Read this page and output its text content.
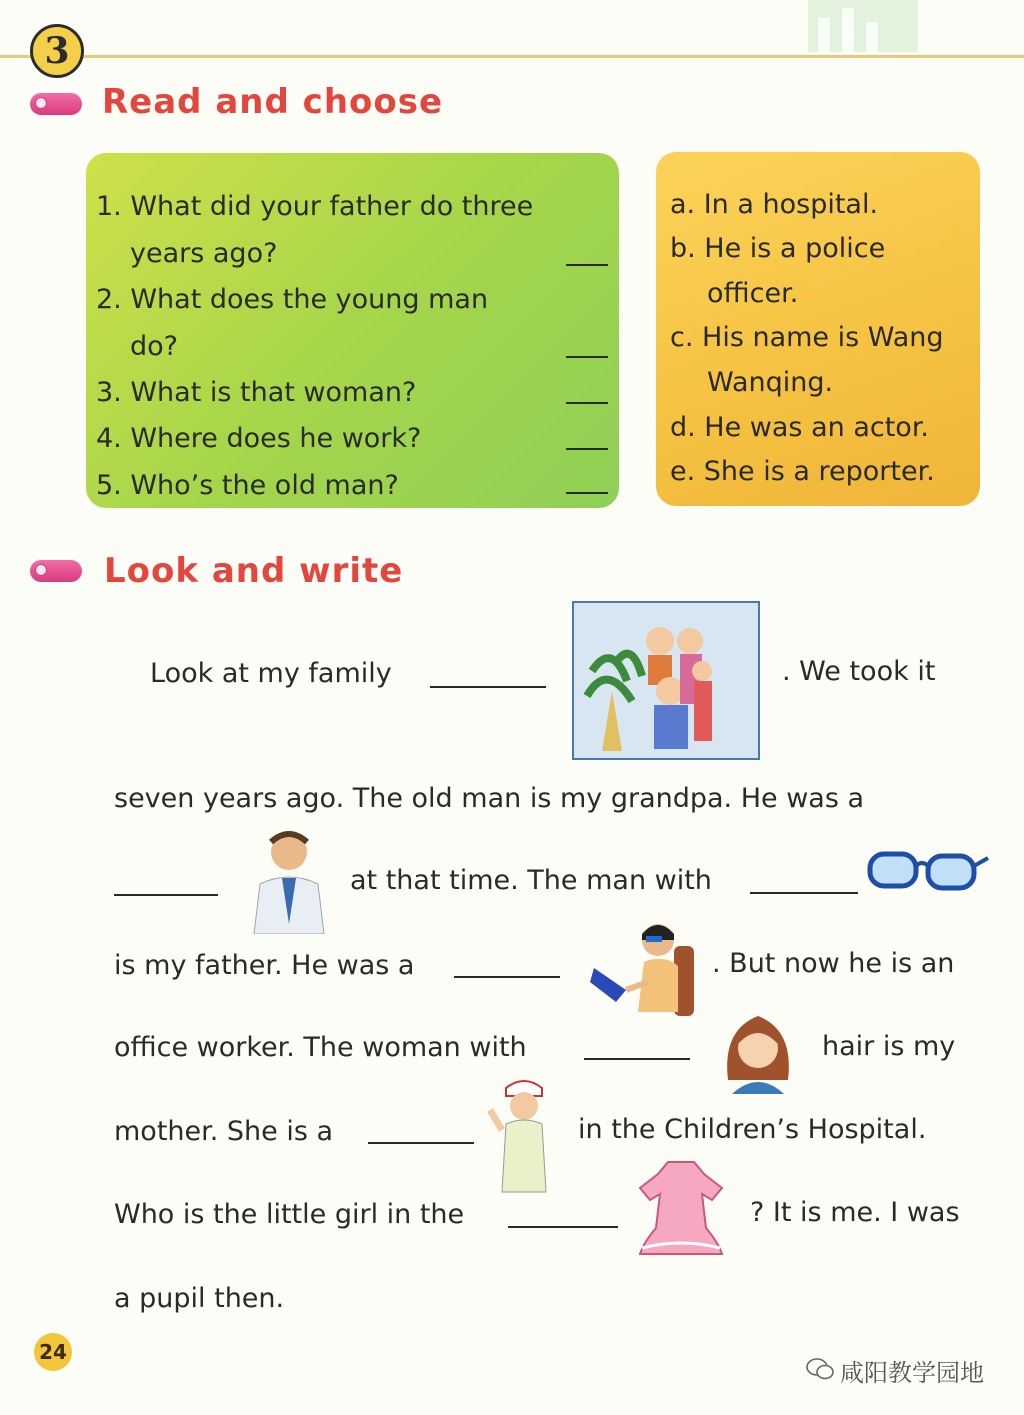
3
Read and choose
1. What did your father do three
years ago?
2. What does the young man
do?
3. What is that woman?
4. Where does he work?
5. Who’s the old man?
a. In a hospital.
b. He is a police
officer.
c. His name is Wang
Wanqing.
d. He was an actor.
e. She is a reporter.
Look and write
Look at my family	. We took it
seven years ago. The old man is my grandpa. He was a
at that time. The man with
is my father. He was a	. But now he is an
office worker. The woman with	hair is my
mother. She is a	in the Children’s Hospital.
Who is the little girl in the	? It is me. I was
a pupil then.
24
咸阳教学园地
